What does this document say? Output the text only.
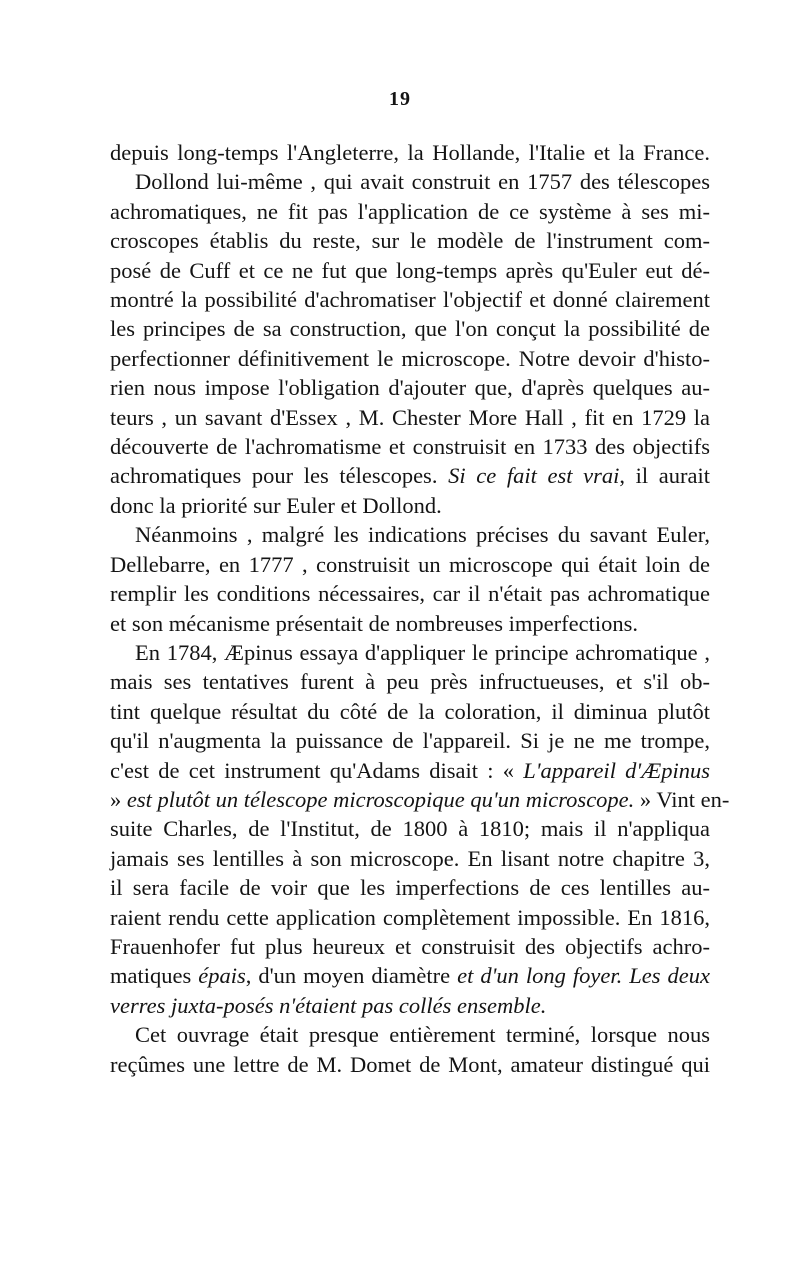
19

depuis long-temps l'Angleterre, la Hollande, l'Italie et la France.
Dollond lui-même , qui avait construit en 1757 des télescopes
achromatiques, ne fit pas l'application de ce système à ses mi-
croscopes établis du reste, sur le modèle de l'instrument com-
posé de Cuff et ce ne fut que long-temps après qu'Euler eut dé-
montré la possibilité d'achromatiser l'objectif et donné clairement
les principes de sa construction, que l'on conçut la possibilité de
perfectionner définitivement le microscope. Notre devoir d'histo-
rien nous impose l'obligation d'ajouter que, d'après quelques au-
teurs , un savant d'Essex , M. Chester More Hall , fit en 1729 la
découverte de l'achromatisme et construisit en 1733 des objectifs
achromatiques pour les télescopes. Si ce fait est vrai, il aurait
donc la priorité sur Euler et Dollond.

Néanmoins , malgré les indications précises du savant Euler,
Dellebarre, en 1777 , construisit un microscope qui était loin de
remplir les conditions nécessaires, car il n'était pas achromatique
et son mécanisme présentait de nombreuses imperfections.

En 1784, Æpinus essaya d'appliquer le principe achromatique ,
mais ses tentatives furent à peu près infructueuses, et s'il ob-
tint quelque résultat du côté de la coloration, il diminua plutôt
qu'il n'augmenta la puissance de l'appareil. Si je ne me trompe,
c'est de cet instrument qu'Adams disait : « L'appareil d'Æpinus
» est plutôt un télescope microscopique qu'un microscope. » Vint en-
suite Charles, de l'Institut, de 1800 à 1810; mais il n'appliqua
jamais ses lentilles à son microscope. En lisant notre chapitre 3,
il sera facile de voir que les imperfections de ces lentilles au-
raient rendu cette application complètement impossible. En 1816,
Frauenhofer fut plus heureux et construisit des objectifs achro-
matiques épais, d'un moyen diamètre et d'un long foyer. Les deux
verres juxta-posés n'étaient pas collés ensemble.

Cet ouvrage était presque entièrement terminé, lorsque nous
reçûmes une lettre de M. Domet de Mont, amateur distingué qui
